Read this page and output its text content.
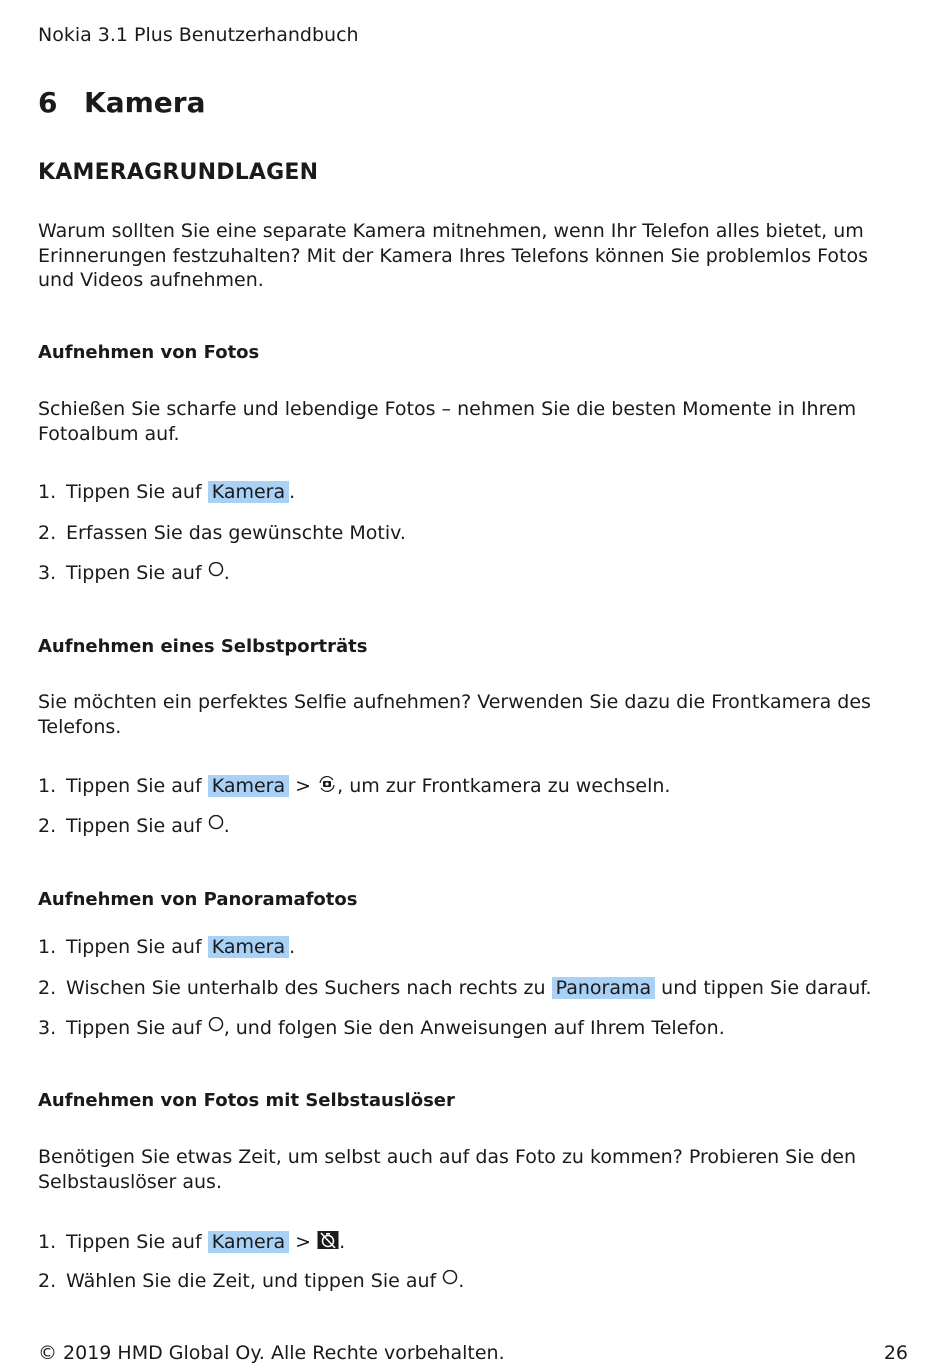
Nokia 3.1 Plus Benutzerhandbuch
6 Kamera
KAMERAGRUNDLAGEN
Warum sollten Sie eine separate Kamera mitnehmen, wenn Ihr Telefon alles bietet, um Erinnerungen festzuhalten? Mit der Kamera Ihres Telefons können Sie problemlos Fotos und Videos aufnehmen.
Aufnehmen von Fotos
Schießen Sie scharfe und lebendige Fotos – nehmen Sie die besten Momente in Ihrem Fotoalbum auf.
1. Tippen Sie auf Kamera .
2. Erfassen Sie das gewünschte Motiv.
3. Tippen Sie auf .
Aufnehmen eines Selbstporträts
Sie möchten ein perfektes Selfie aufnehmen? Verwenden Sie dazu die Frontkamera des Telefons.
1. Tippen Sie auf Kamera > , um zur Frontkamera zu wechseln.
2. Tippen Sie auf .
Aufnehmen von Panoramafotos
1. Tippen Sie auf Kamera .
2. Wischen Sie unterhalb des Suchers nach rechts zu Panorama und tippen Sie darauf.
3. Tippen Sie auf , und folgen Sie den Anweisungen auf Ihrem Telefon.
Aufnehmen von Fotos mit Selbstauslöser
Benötigen Sie etwas Zeit, um selbst auch auf das Foto zu kommen? Probieren Sie den Selbstauslöser aus.
1. Tippen Sie auf Kamera > .
2. Wählen Sie die Zeit, und tippen Sie auf .
© 2019 HMD Global Oy. Alle Rechte vorbehalten.	26
